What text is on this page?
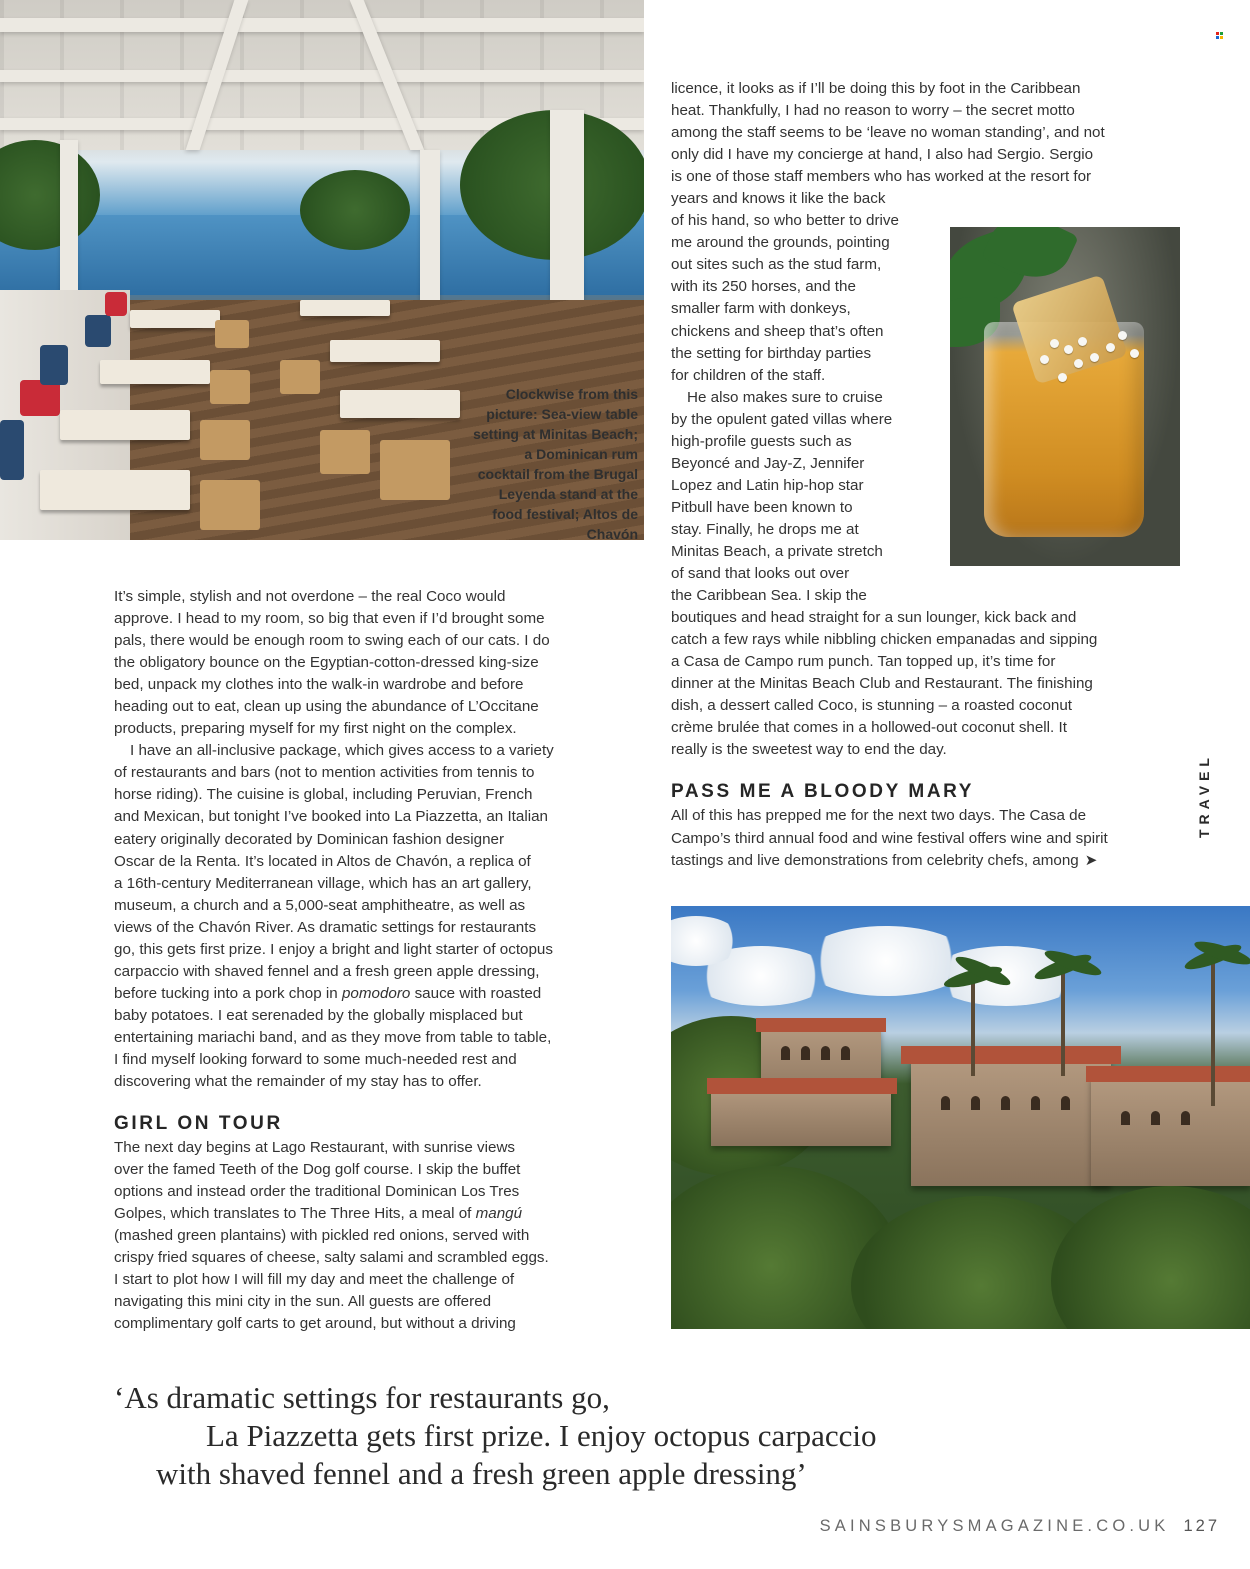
Clockwise from this picture: Sea-view table setting at Minitas Beach; a Dominican rum cocktail from the Brugal Leyenda stand at the food festival; Altos de Chavón

It’s simple, stylish and not overdone – the real Coco would
approve. I head to my room, so big that even if I’d brought some
pals, there would be enough room to swing each of our cats. I do
the obligatory bounce on the Egyptian-cotton-dressed king-size
bed, unpack my clothes into the walk-in wardrobe and before
heading out to eat, clean up using the abundance of L’Occitane
products, preparing myself for my first night on the complex.

I have an all-inclusive package, which gives access to a variety
of restaurants and bars (not to mention activities from tennis to
horse riding). The cuisine is global, including Peruvian, French
and Mexican, but tonight I’ve booked into La Piazzetta, an Italian
eatery originally decorated by Dominican fashion designer
Oscar de la Renta. It’s located in Altos de Chavón, a replica of
a 16th-century Mediterranean village, which has an art gallery,
museum, a church and a 5,000-seat amphitheatre, as well as
views of the Chavón River. As dramatic settings for restaurants
go, this gets first prize. I enjoy a bright and light starter of octopus
carpaccio with shaved fennel and a fresh green apple dressing,
before tucking into a pork chop in pomodoro sauce with roasted
baby potatoes. I eat serenaded by the globally misplaced but
entertaining mariachi band, and as they move from table to table,
I find myself looking forward to some much-needed rest and
discovering what the remainder of my stay has to offer.

GIRL ON TOUR

The next day begins at Lago Restaurant, with sunrise views
over the famed Teeth of the Dog golf course. I skip the buffet
options and instead order the traditional Dominican Los Tres
Golpes, which translates to The Three Hits, a meal of mangú
(mashed green plantains) with pickled red onions, served with
crispy fried squares of cheese, salty salami and scrambled eggs.
I start to plot how I will fill my day and meet the challenge of
navigating this mini city in the sun. All guests are offered
complimentary golf carts to get around, but without a driving

licence, it looks as if I’ll be doing this by foot in the Caribbean
heat. Thankfully, I had no reason to worry – the secret motto
among the staff seems to be ‘leave no woman standing’, and not
only did I have my concierge at hand, I also had Sergio. Sergio
is one of those staff members who has worked at the resort for
years and knows it like the back
of his hand, so who better to drive
me around the grounds, pointing
out sites such as the stud farm,
with its 250 horses, and the
smaller farm with donkeys,
chickens and sheep that’s often
the setting for birthday parties
for children of the staff.
He also makes sure to cruise
by the opulent gated villas where
high-profile guests such as
Beyoncé and Jay-Z, Jennifer
Lopez and Latin hip-hop star
Pitbull have been known to
stay. Finally, he drops me at
Minitas Beach, a private stretch
of sand that looks out over
the Caribbean Sea. I skip the
boutiques and head straight for a sun lounger, kick back and
catch a few rays while nibbling chicken empanadas and sipping
a Casa de Campo rum punch. Tan topped up, it’s time for
dinner at the Minitas Beach Club and Restaurant. The finishing
dish, a dessert called Coco, is stunning – a roasted coconut
crème brulée that comes in a hollowed-out coconut shell. It
really is the sweetest way to end the day.

PASS ME A BLOODY MARY

All of this has prepped me for the next two days. The Casa de
Campo’s third annual food and wine festival offers wine and spirit
tastings and live demonstrations from celebrity chefs, among ➤

‘As dramatic settings for restaurants go,
La Piazzetta gets first prize. I enjoy octopus carpaccio
with shaved fennel and a fresh green apple dressing’
TRAVEL
SAINSBURYSMAGAZINE.CO.UK 127
